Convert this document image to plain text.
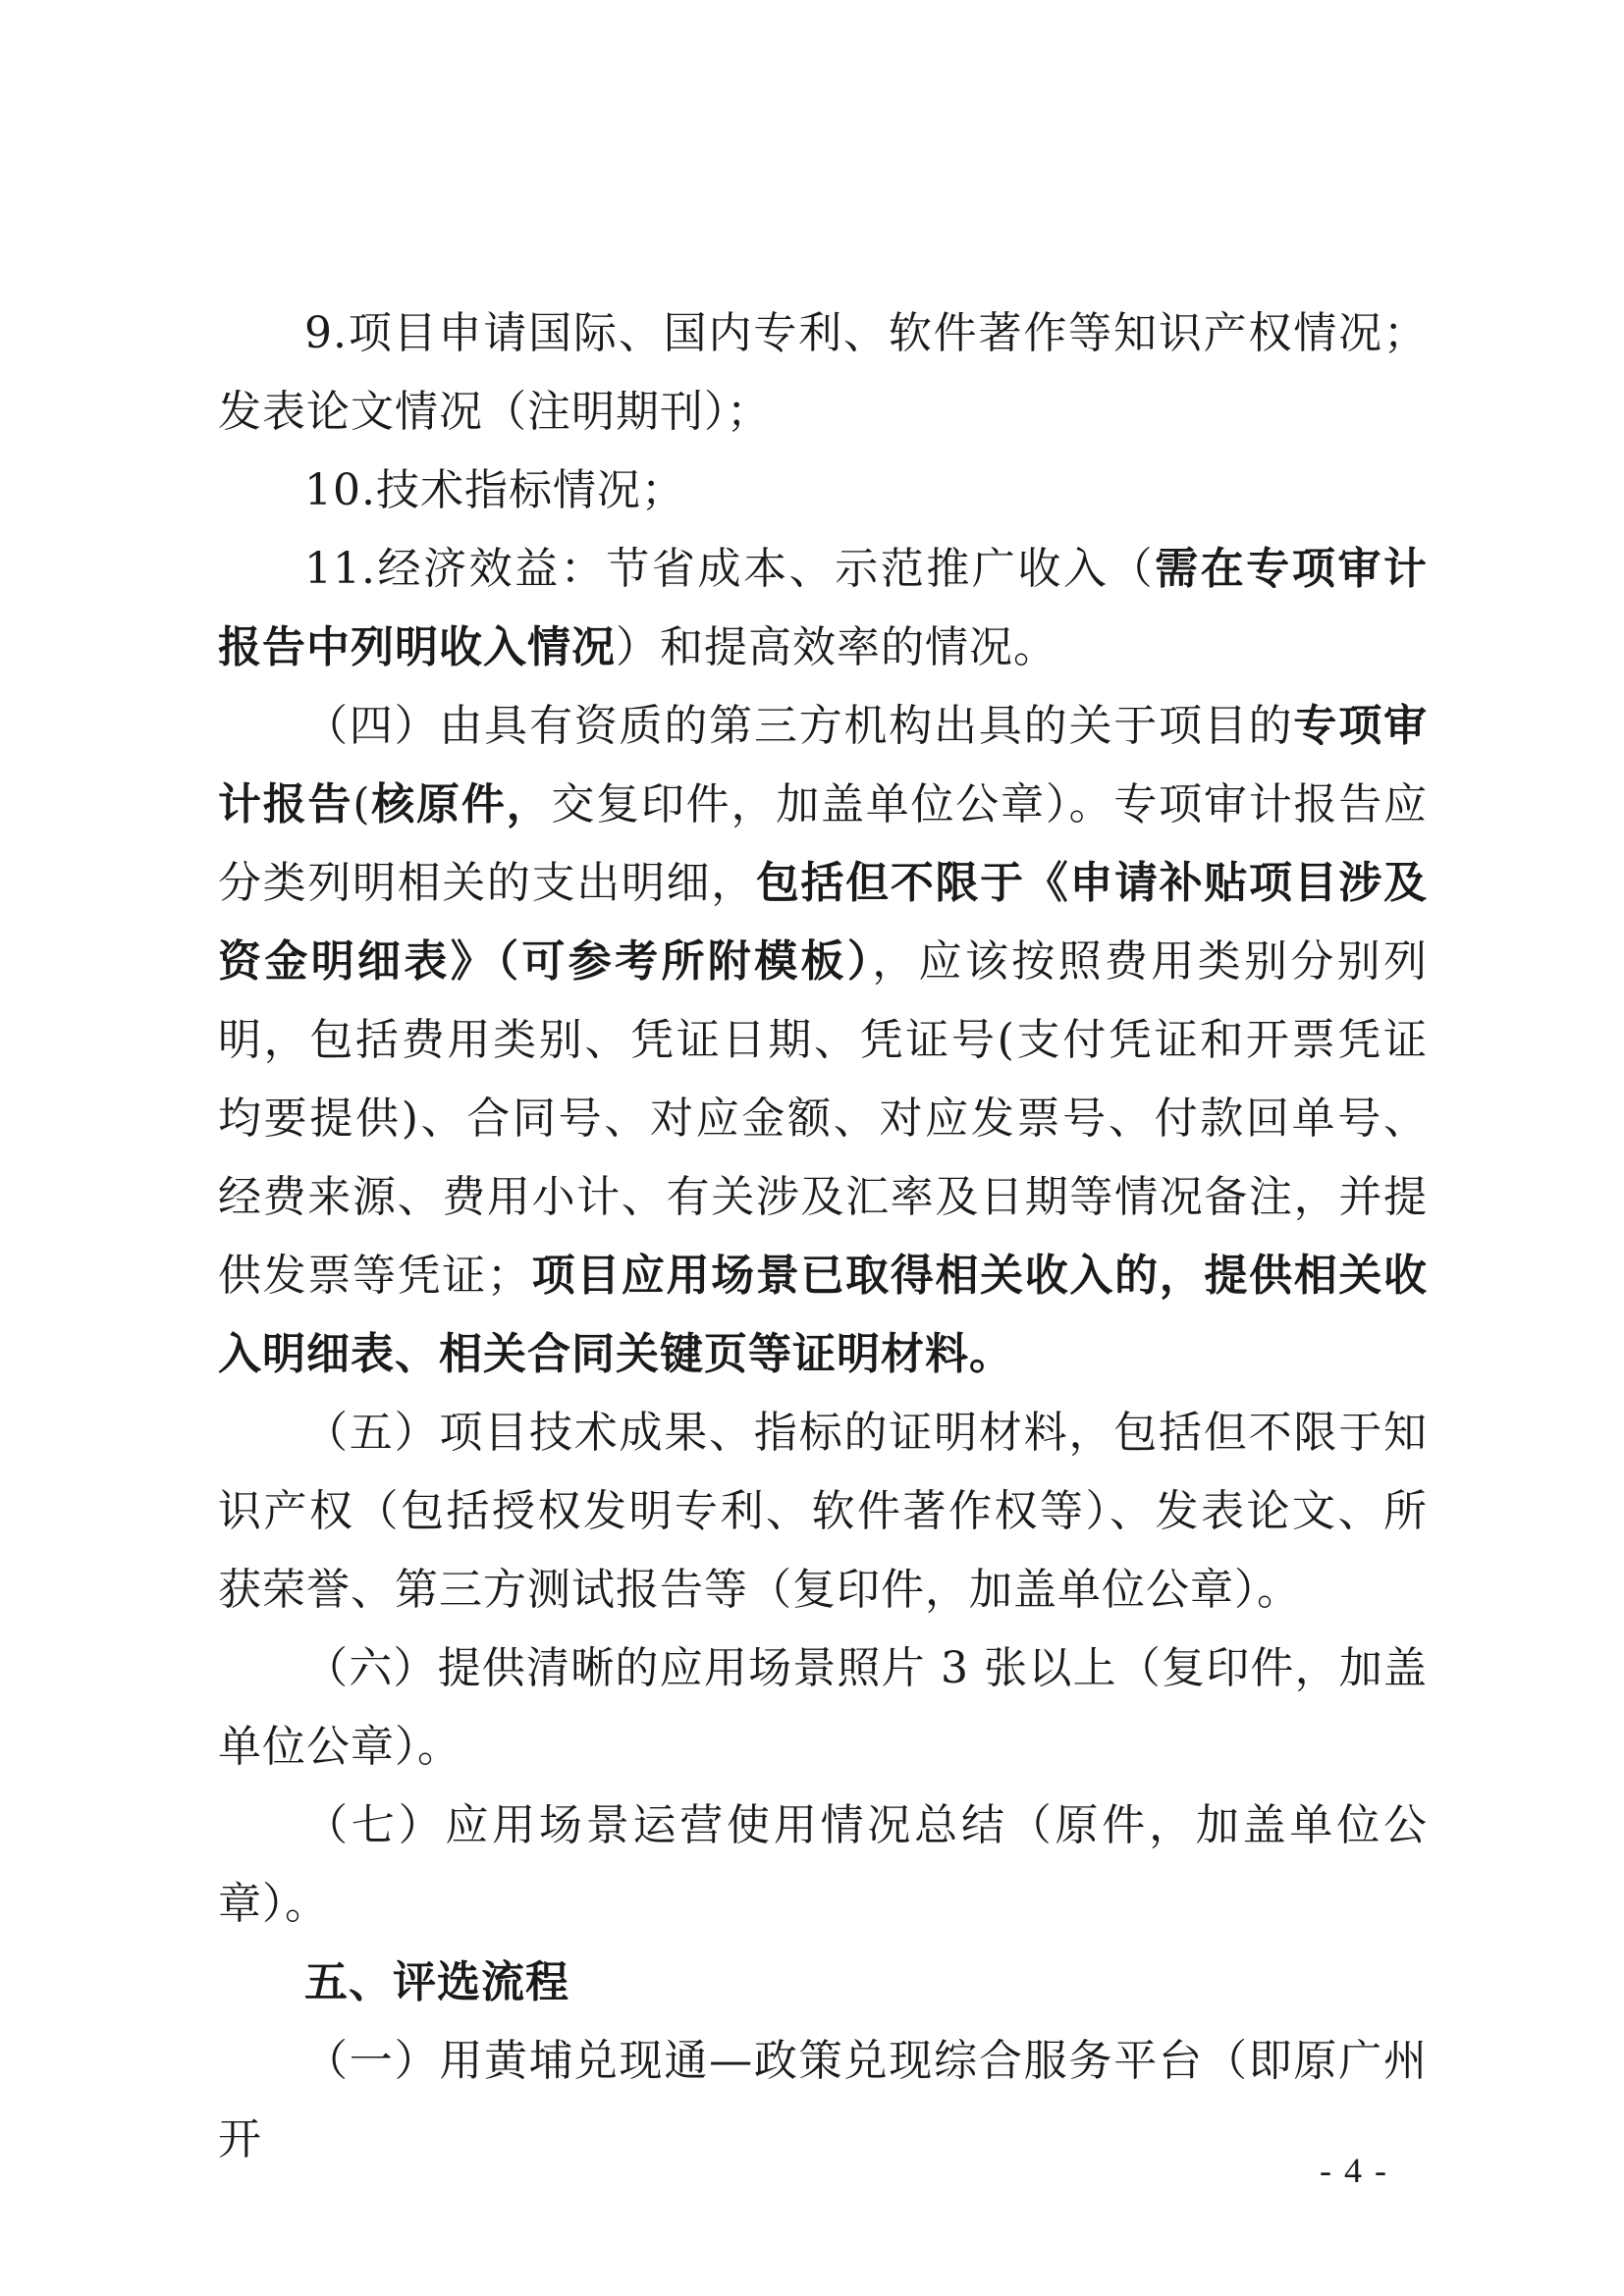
9.项目申请国际、国内专利、软件著作等知识产权情况；发表论文情况（注明期刊）；

10.技术指标情况；

11.经济效益：节省成本、示范推广收入（需在专项审计报告中列明收入情况）和提高效率的情况。

（四）由具有资质的第三方机构出具的关于项目的专项审计报告(核原件，交复印件，加盖单位公章）。专项审计报告应分类列明相关的支出明细，包括但不限于《申请补贴项目涉及资金明细表》（可参考所附模板），应该按照费用类别分别列明，包括费用类别、凭证日期、凭证号(支付凭证和开票凭证均要提供)、合同号、对应金额、对应发票号、付款回单号、经费来源、费用小计、有关涉及汇率及日期等情况备注，并提供发票等凭证；项目应用场景已取得相关收入的，提供相关收入明细表、相关合同关键页等证明材料。

（五）项目技术成果、指标的证明材料，包括但不限于知识产权（包括授权发明专利、软件著作权等）、发表论文、所获荣誉、第三方测试报告等（复印件，加盖单位公章）。

（六）提供清晰的应用场景照片 3 张以上（复印件，加盖单位公章）。

（七）应用场景运营使用情况总结（原件，加盖单位公章）。

五、评选流程

（一）用黄埔兑现通—政策兑现综合服务平台（即原广州开

- 4 -
